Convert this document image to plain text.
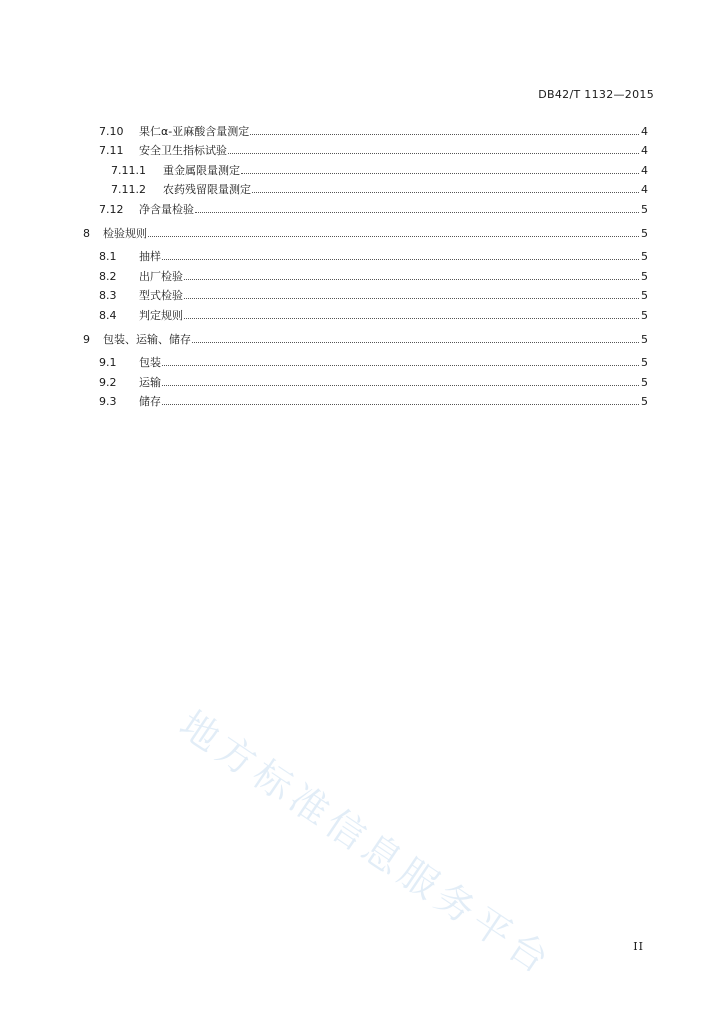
DB42/T 1132—2015
7.10	果仁α-亚麻酸含量测定	4
7.11	安全卫生指标试验	4
7.11.1	重金属限量测定	4
7.11.2	农药残留限量测定	4
7.12	净含量检验	5
8	检验规则	5
8.1	抽样	5
8.2	出厂检验	5
8.3	型式检验	5
8.4	判定规则	5
9	包装、运输、储存	5
9.1	包装	5
9.2	运输	5
9.3	储存	5
地方标准信息服务平台	II
